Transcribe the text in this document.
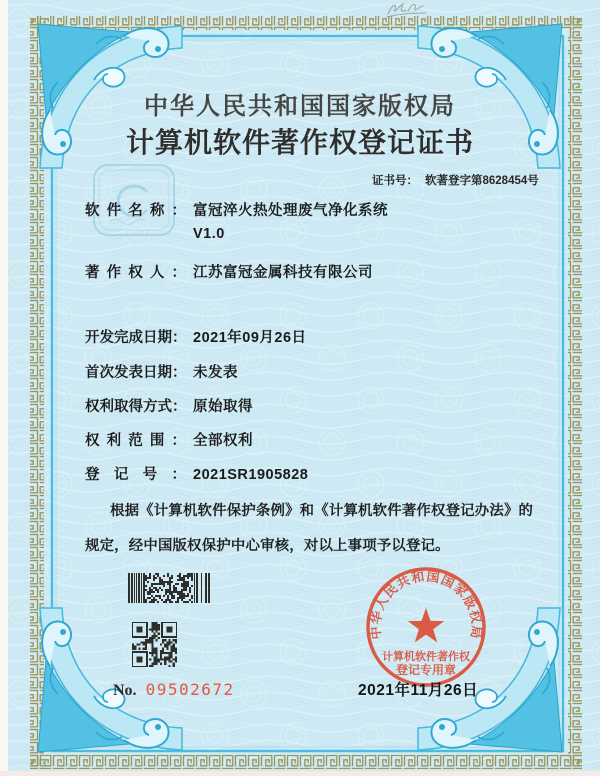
中华人民共和国国家版权局
计算机软件著作权登记证书
证书号： 软著登字第8628454号
软 件 名 称 ： 富冠淬火热处理废气净化系统
V1.0
著 作 权 人 ： 江苏富冠金属科技有限公司
开 发 完 成 日 期 ： 2021年09月26日
首 次 发 表 日 期 ： 未发表
权 利 取 得 方 式 ： 原始取得
权 利 范 围 ： 全部权利
登 记 号 ： 2021SR1905828
根据《计算机软件保护条例》和《计算机软件著作权登记办法》的
规定，经中国版权保护中心审核，对以上事项予以登记。
No. 09502672
中华人民共和国国家版权局
计算机软件著作权
登记专用章
2021年11月26日
